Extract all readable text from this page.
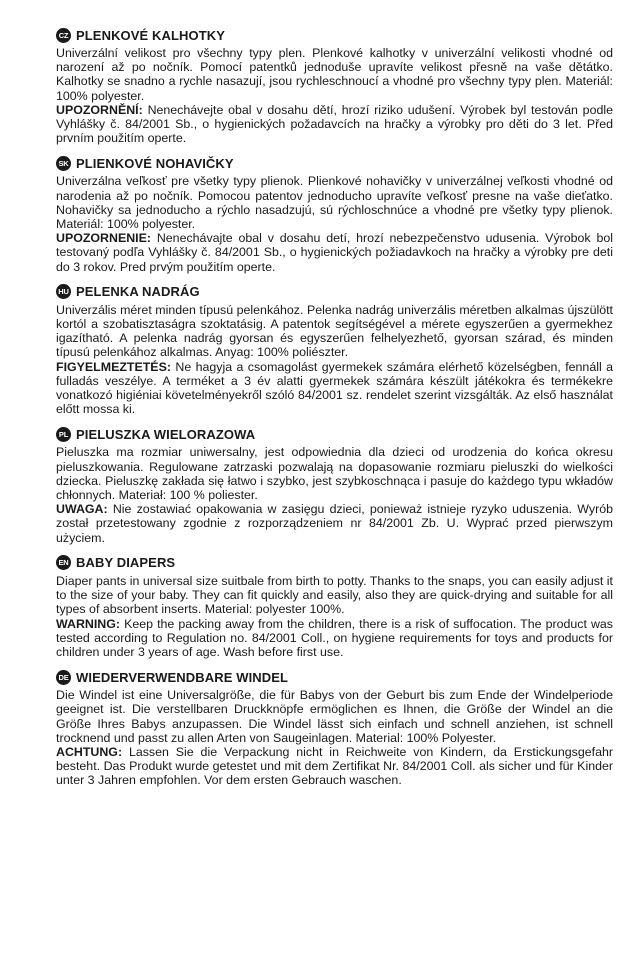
CZ PLENKOVÉ KALHOTKY

Univerzální velikost pro všechny typy plen. Plenkové kalhotky v univerzální velikosti vhodné od narození až po nočník. Pomocí patentků jednoduše upravíte velikost přesně na vaše dětátko. Kalhotky se snadno a rychle nasazují, jsou rychleschnoucí a vhodné pro všechny typy plen. Materiál: 100% polyester.

UPOZORNĚNÍ: Nenechávejte obal v dosahu dětí, hrozí riziko udušení. Výrobek byl testován podle Vyhlášky č. 84/2001 Sb., o hygienických požadavcích na hračky a výrobky pro děti do 3 let. Před prvním použitím operte.

SK PLIENKOVÉ NOHAVIČKY

Univerzálna veľkosť pre všetky typy plienok. Plienkové nohavičky v univerzálnej veľkosti vhodné od narodenia až po nočník. Pomocou patentov jednoducho upravíte veľkosť presne na vaše dieťatko. Nohavičky sa jednoducho a rýchlo nasadzujú, sú rýchloschnúce a vhodné pre všetky typy plienok. Materiál: 100% polyester.

UPOZORNENIE: Nenechávajte obal v dosahu detí, hrozí nebezpečenstvo udusenia. Výrobok bol testovaný podľa Vyhlášky č. 84/2001 Sb., o hygienických požiadavkoch na hračky a výrobky pre deti do 3 rokov. Pred prvým použitím operte.

HU PELENKA NADRÁG

Univerzális méret minden típusú pelenkához. Pelenka nadrág univerzális méretben alkalmas újszülött kortól a szobatisztaságra szoktatásig. A patentok segítségével a mérete egyszerűen a gyermekhez igazítható. A pelenka nadrág gyorsan és egyszerűen felhelyezhető, gyorsan szárad, és minden típusú pelenkához alkalmas. Anyag: 100% poliészter.

FIGYELMEZTETÉS: Ne hagyja a csomagolást gyermekek számára elérhető közelségben, fennáll a fulladás veszélye. A terméket a 3 év alatti gyermekek számára készült játékokra és termékekre vonatkozó higiéniai követelményekről szóló 84/2001 sz. rendelet szerint vizsgálták. Az első használat előtt mossa ki.

PL PIELUSZKA WIELORAZOWA

Pieluszka ma rozmiar uniwersalny, jest odpowiednia dla dzieci od urodzenia do końca okresu pieluszkowania. Regulowane zatrzaski pozwalają na dopasowanie rozmiaru pieluszki do wielkości dziecka. Pieluszkę zakłada się łatwo i szybko, jest szybkoschnąca i pasuje do każdego typu wkładów chłonnych. Materiał: 100 % poliester.

UWAGA: Nie zostawiać opakowania w zasięgu dzieci, ponieważ istnieje ryzyko uduszenia. Wyrób został przetestowany zgodnie z rozporządzeniem nr 84/2001 Zb. U. Wyprać przed pierwszym użyciem.

EN BABY DIAPERS

Diaper pants in universal size suitbale from birth to potty. Thanks to the snaps, you can easily adjust it to the size of your baby. They can fit quickly and easily, also they are quick-drying and suitable for all types of absorbent inserts. Material: polyester 100%.

WARNING: Keep the packing away from the children, there is a risk of suffocation. The product was tested according to Regulation no. 84/2001 Coll., on hygiene requirements for toys and products for children under 3 years of age. Wash before first use.

DE WIEDERVERWENDBARE WINDEL

Die Windel ist eine Universalgröße, die für Babys von der Geburt bis zum Ende der Windelperiode geeignet ist. Die verstellbaren Druckknöpfe ermöglichen es Ihnen, die Größe der Windel an die Größe Ihres Babys anzupassen. Die Windel lässt sich einfach und schnell anziehen, ist schnell trocknend und passt zu allen Arten von Saugeinlagen. Material: 100% Polyester.

ACHTUNG: Lassen Sie die Verpackung nicht in Reichweite von Kindern, da Erstickungsgefahr besteht. Das Produkt wurde getestet und mit dem Zertifikat Nr. 84/2001 Coll. als sicher und für Kinder unter 3 Jahren empfohlen. Vor dem ersten Gebrauch waschen.
